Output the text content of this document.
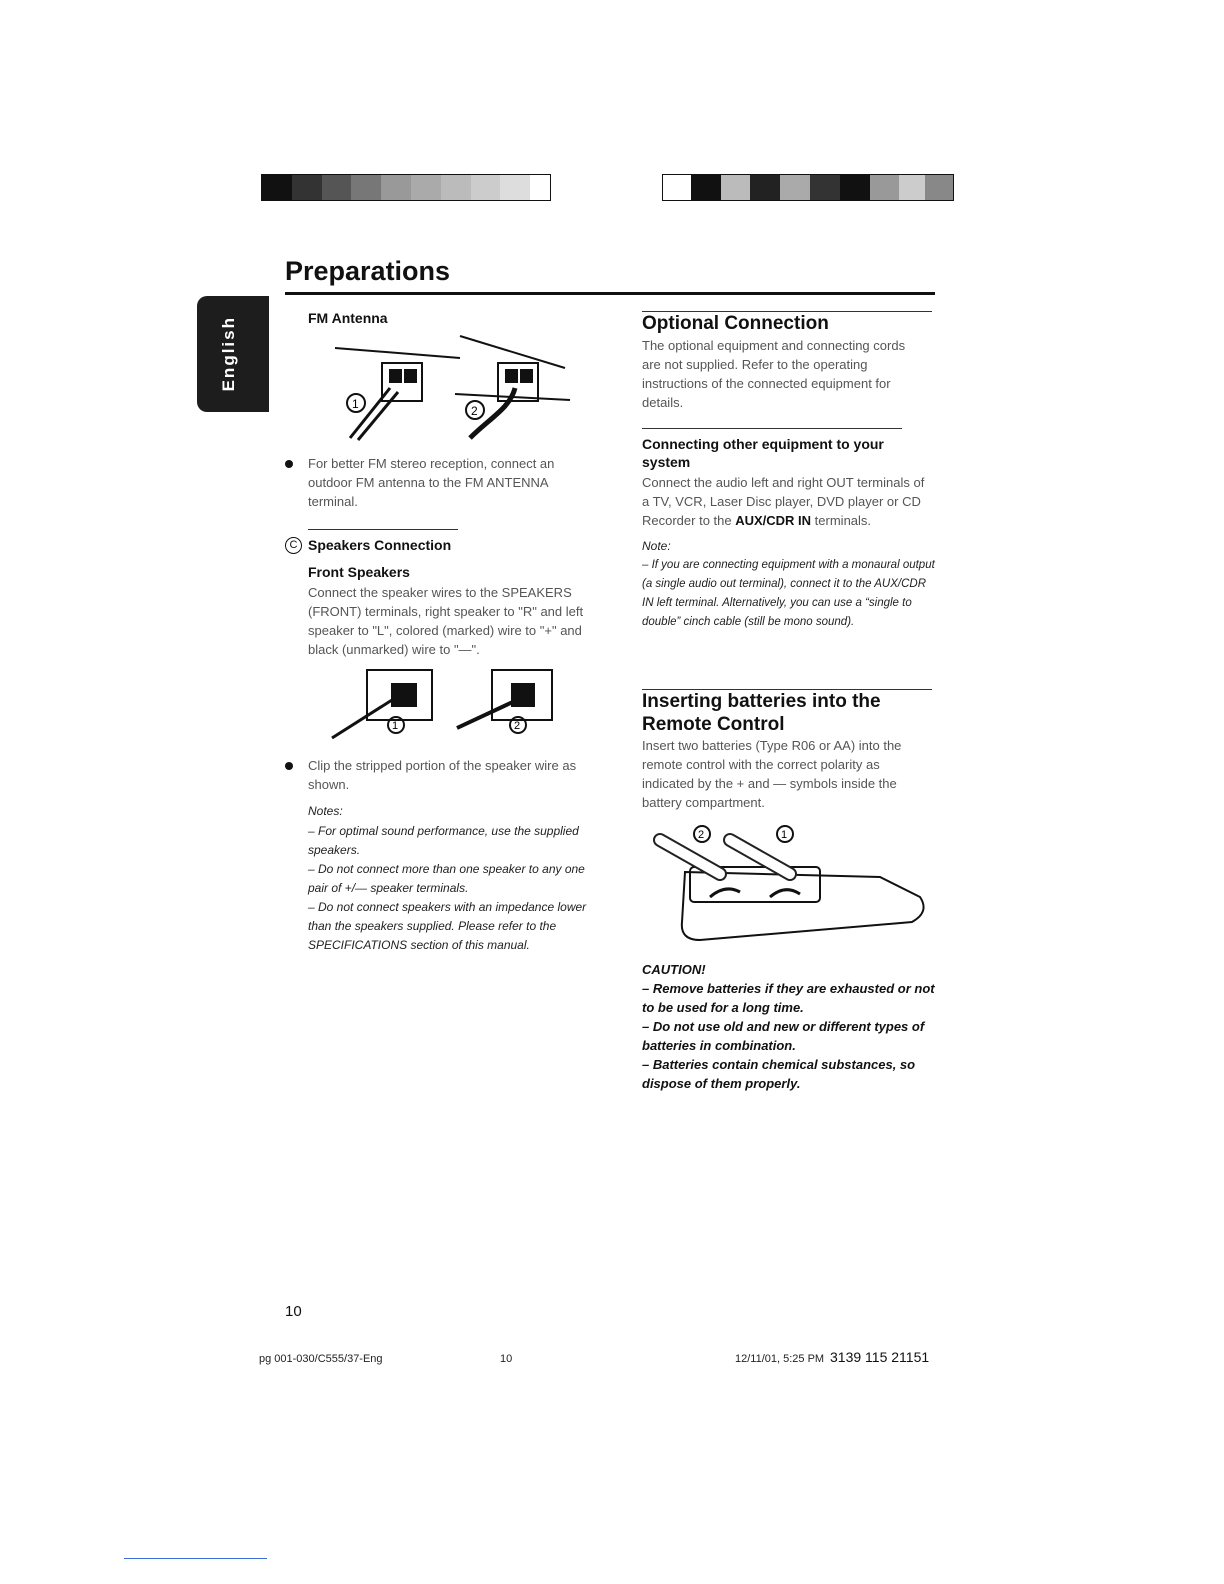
English
Preparations
FM Antenna
1	2

For better FM stereo reception, connect an outdoor FM antenna to the FM ANTENNA terminal.

C Speakers Connection
Front Speakers

Connect the speaker wires to the SPEAKERS (FRONT) terminals, right speaker to "R" and left speaker to "L", colored (marked) wire to "+" and black (unmarked) wire to "—".

1	2

Clip the stripped portion of the speaker wire as shown.

Notes:

– For optimal sound performance, use the supplied speakers.

– Do not connect more than one speaker to any one pair of +/— speaker terminals.

– Do not connect speakers with an impedance lower than the speakers supplied. Please refer to the SPECIFICATIONS section of this manual.

Optional Connection

The optional equipment and connecting cords are not supplied. Refer to the operating instructions of the connected equipment for details.

Connecting other equipment to your system

Connect the audio left and right OUT terminals of a TV, VCR, Laser Disc player, DVD player or CD Recorder to the AUX/CDR IN terminals.

Note:

– If you are connecting equipment with a monaural output (a single audio out terminal), connect it to the AUX/CDR IN left terminal. Alternatively, you can use a “single to double” cinch cable (still be mono sound).

Inserting batteries into the
Remote Control

Insert two batteries (Type R06 or AA) into the remote control with the correct polarity as indicated by the + and — symbols inside the battery compartment.

2	1

CAUTION!

– Remove batteries if they are exhausted or not to be used for a long time.

– Do not use old and new or different types of batteries in combination.

– Batteries contain chemical substances, so dispose of them properly.

10
pg 001-030/C555/37-Eng	10	12/11/01, 5:25 PM 3139 115 21151
